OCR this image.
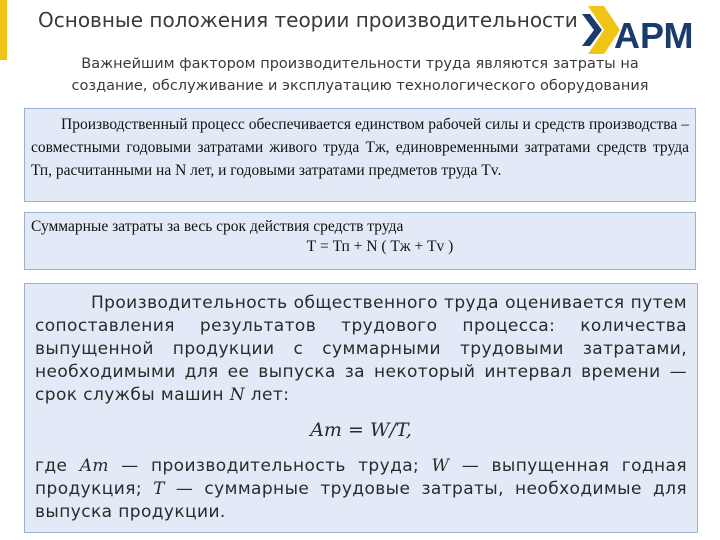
Основные положения теории производительности	АРМ
Важнейшим фактором производительности труда являются затраты на
создание, обслуживание и эксплуатацию технологического оборудования

Производственный процесс обеспечивается единством рабочей силы и средств производства – совместными годовыми затратами живого труда Тж, единовременными затратами средств труда Тп, расчитанными на N лет, и годовыми затратами предметов труда Тv.

Суммарные затраты за весь срок действия средств труда

Т = Тп + N ( Тж + Тv )

Производительность общественного труда оценивается путем сопоставления результатов трудового процесса: количества выпущенной продукции с суммарными трудовыми затратами, необходимыми для ее выпуска за некоторый интервал времени — срок службы машин N лет:

Aт = W/T,

где Aт — производительность труда; W — выпущенная годная продукция; T — суммарные трудовые затраты, необходимые для выпуска продукции.
